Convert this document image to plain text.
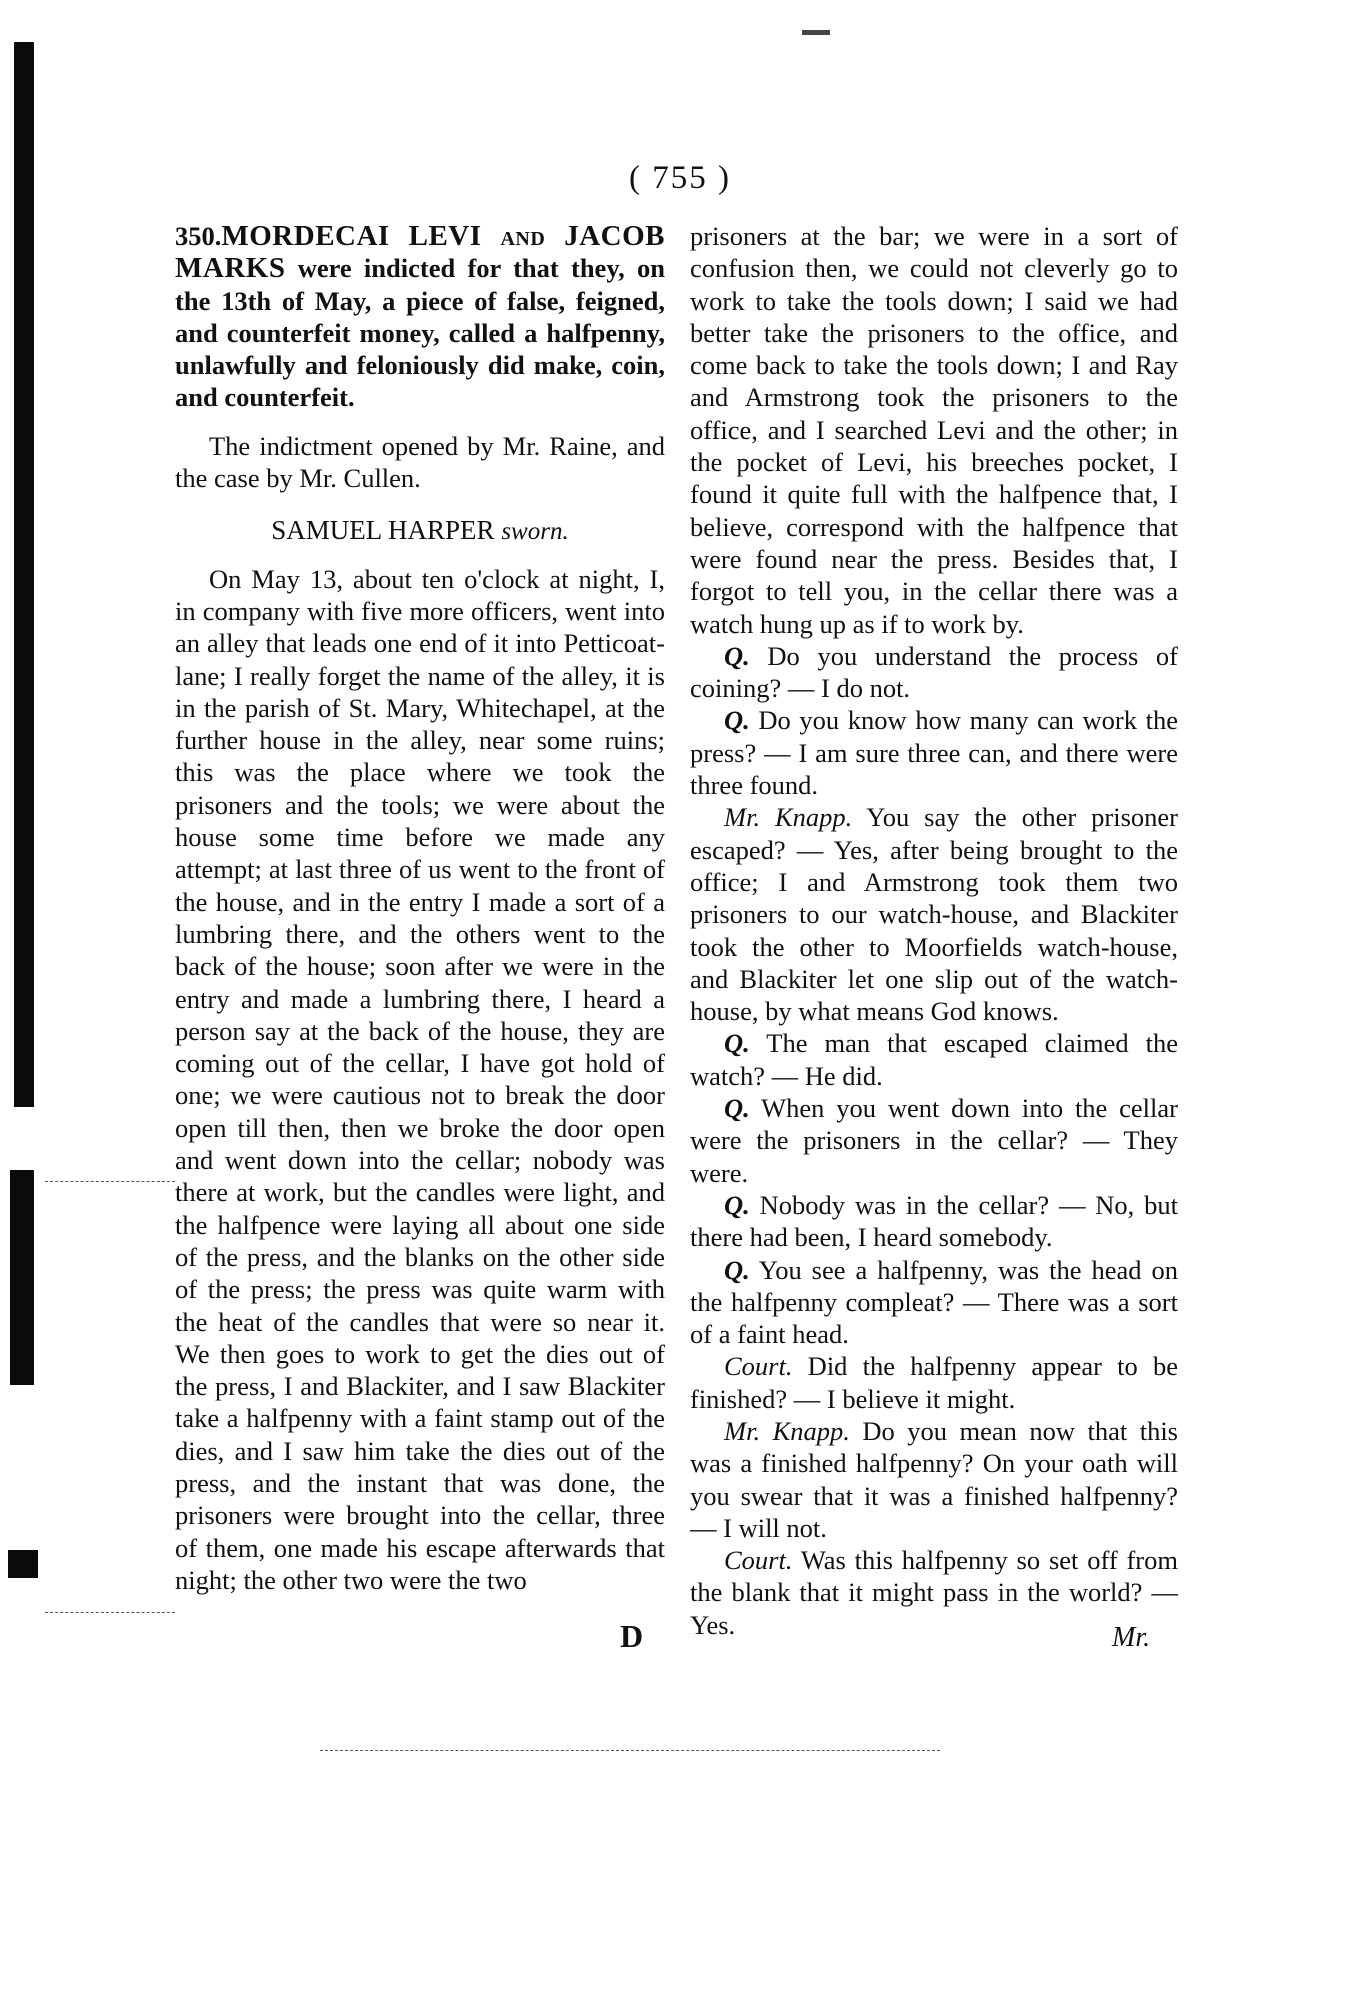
( 755 )

350.MORDECAI LEVI and JACOB MARKS were indicted for that they, on the 13th of May, a piece of false, feigned, and counterfeit money, called a halfpenny, unlawfully and feloniously did make, coin, and counterfeit.

The indictment opened by Mr. Raine, and the case by Mr. Cullen.

SAMUEL HARPER sworn.

On May 13, about ten o'clock at night, I, in company with five more officers, went into an alley that leads one end of it into Petticoat-lane; I really forget the name of the alley, it is in the parish of St. Mary, Whitechapel, at the further house in the alley, near some ruins; this was the place where we took the prisoners and the tools; we were about the house some time before we made any attempt; at last three of us went to the front of the house, and in the entry I made a sort of a lumbring there, and the others went to the back of the house; soon after we were in the entry and made a lumbring there, I heard a person say at the back of the house, they are coming out of the cellar, I have got hold of one; we were cautious not to break the door open till then, then we broke the door open and went down into the cellar; nobody was there at work, but the candles were light, and the halfpence were laying all about one side of the press, and the blanks on the other side of the press; the press was quite warm with the heat of the candles that were so near it. We then goes to work to get the dies out of the press, I and Blackiter, and I saw Blackiter take a halfpenny with a faint stamp out of the dies, and I saw him take the dies out of the press, and the instant that was done, the prisoners were brought into the cellar, three of them, one made his escape afterwards that night; the other two were the two

prisoners at the bar; we were in a sort of confusion then, we could not cleverly go to work to take the tools down; I said we had better take the prisoners to the office, and come back to take the tools down; I and Ray and Armstrong took the prisoners to the office, and I searched Levi and the other; in the pocket of Levi, his breeches pocket, I found it quite full with the halfpence that, I believe, correspond with the halfpence that were found near the press. Besides that, I forgot to tell you, in the cellar there was a watch hung up as if to work by.

Q. Do you understand the process of coining? — I do not.

Q. Do you know how many can work the press? — I am sure three can, and there were three found.

Mr. Knapp. You say the other prisoner escaped? — Yes, after being brought to the office; I and Armstrong took them two prisoners to our watch-house, and Blackiter took the other to Moorfields watch-house, and Blackiter let one slip out of the watch-house, by what means God knows.

Q. The man that escaped claimed the watch? — He did.

Q. When you went down into the cellar were the prisoners in the cellar? — They were.

Q. Nobody was in the cellar? — No, but there had been, I heard somebody.

Q. You see a halfpenny, was the head on the halfpenny compleat? — There was a sort of a faint head.

Court. Did the halfpenny appear to be finished? — I believe it might.

Mr. Knapp. Do you mean now that this was a finished halfpenny? On your oath will you swear that it was a finished halfpenny? — I will not.

Court. Was this halfpenny so set off from the blank that it might pass in the world? — Yes.

D	Mr.
